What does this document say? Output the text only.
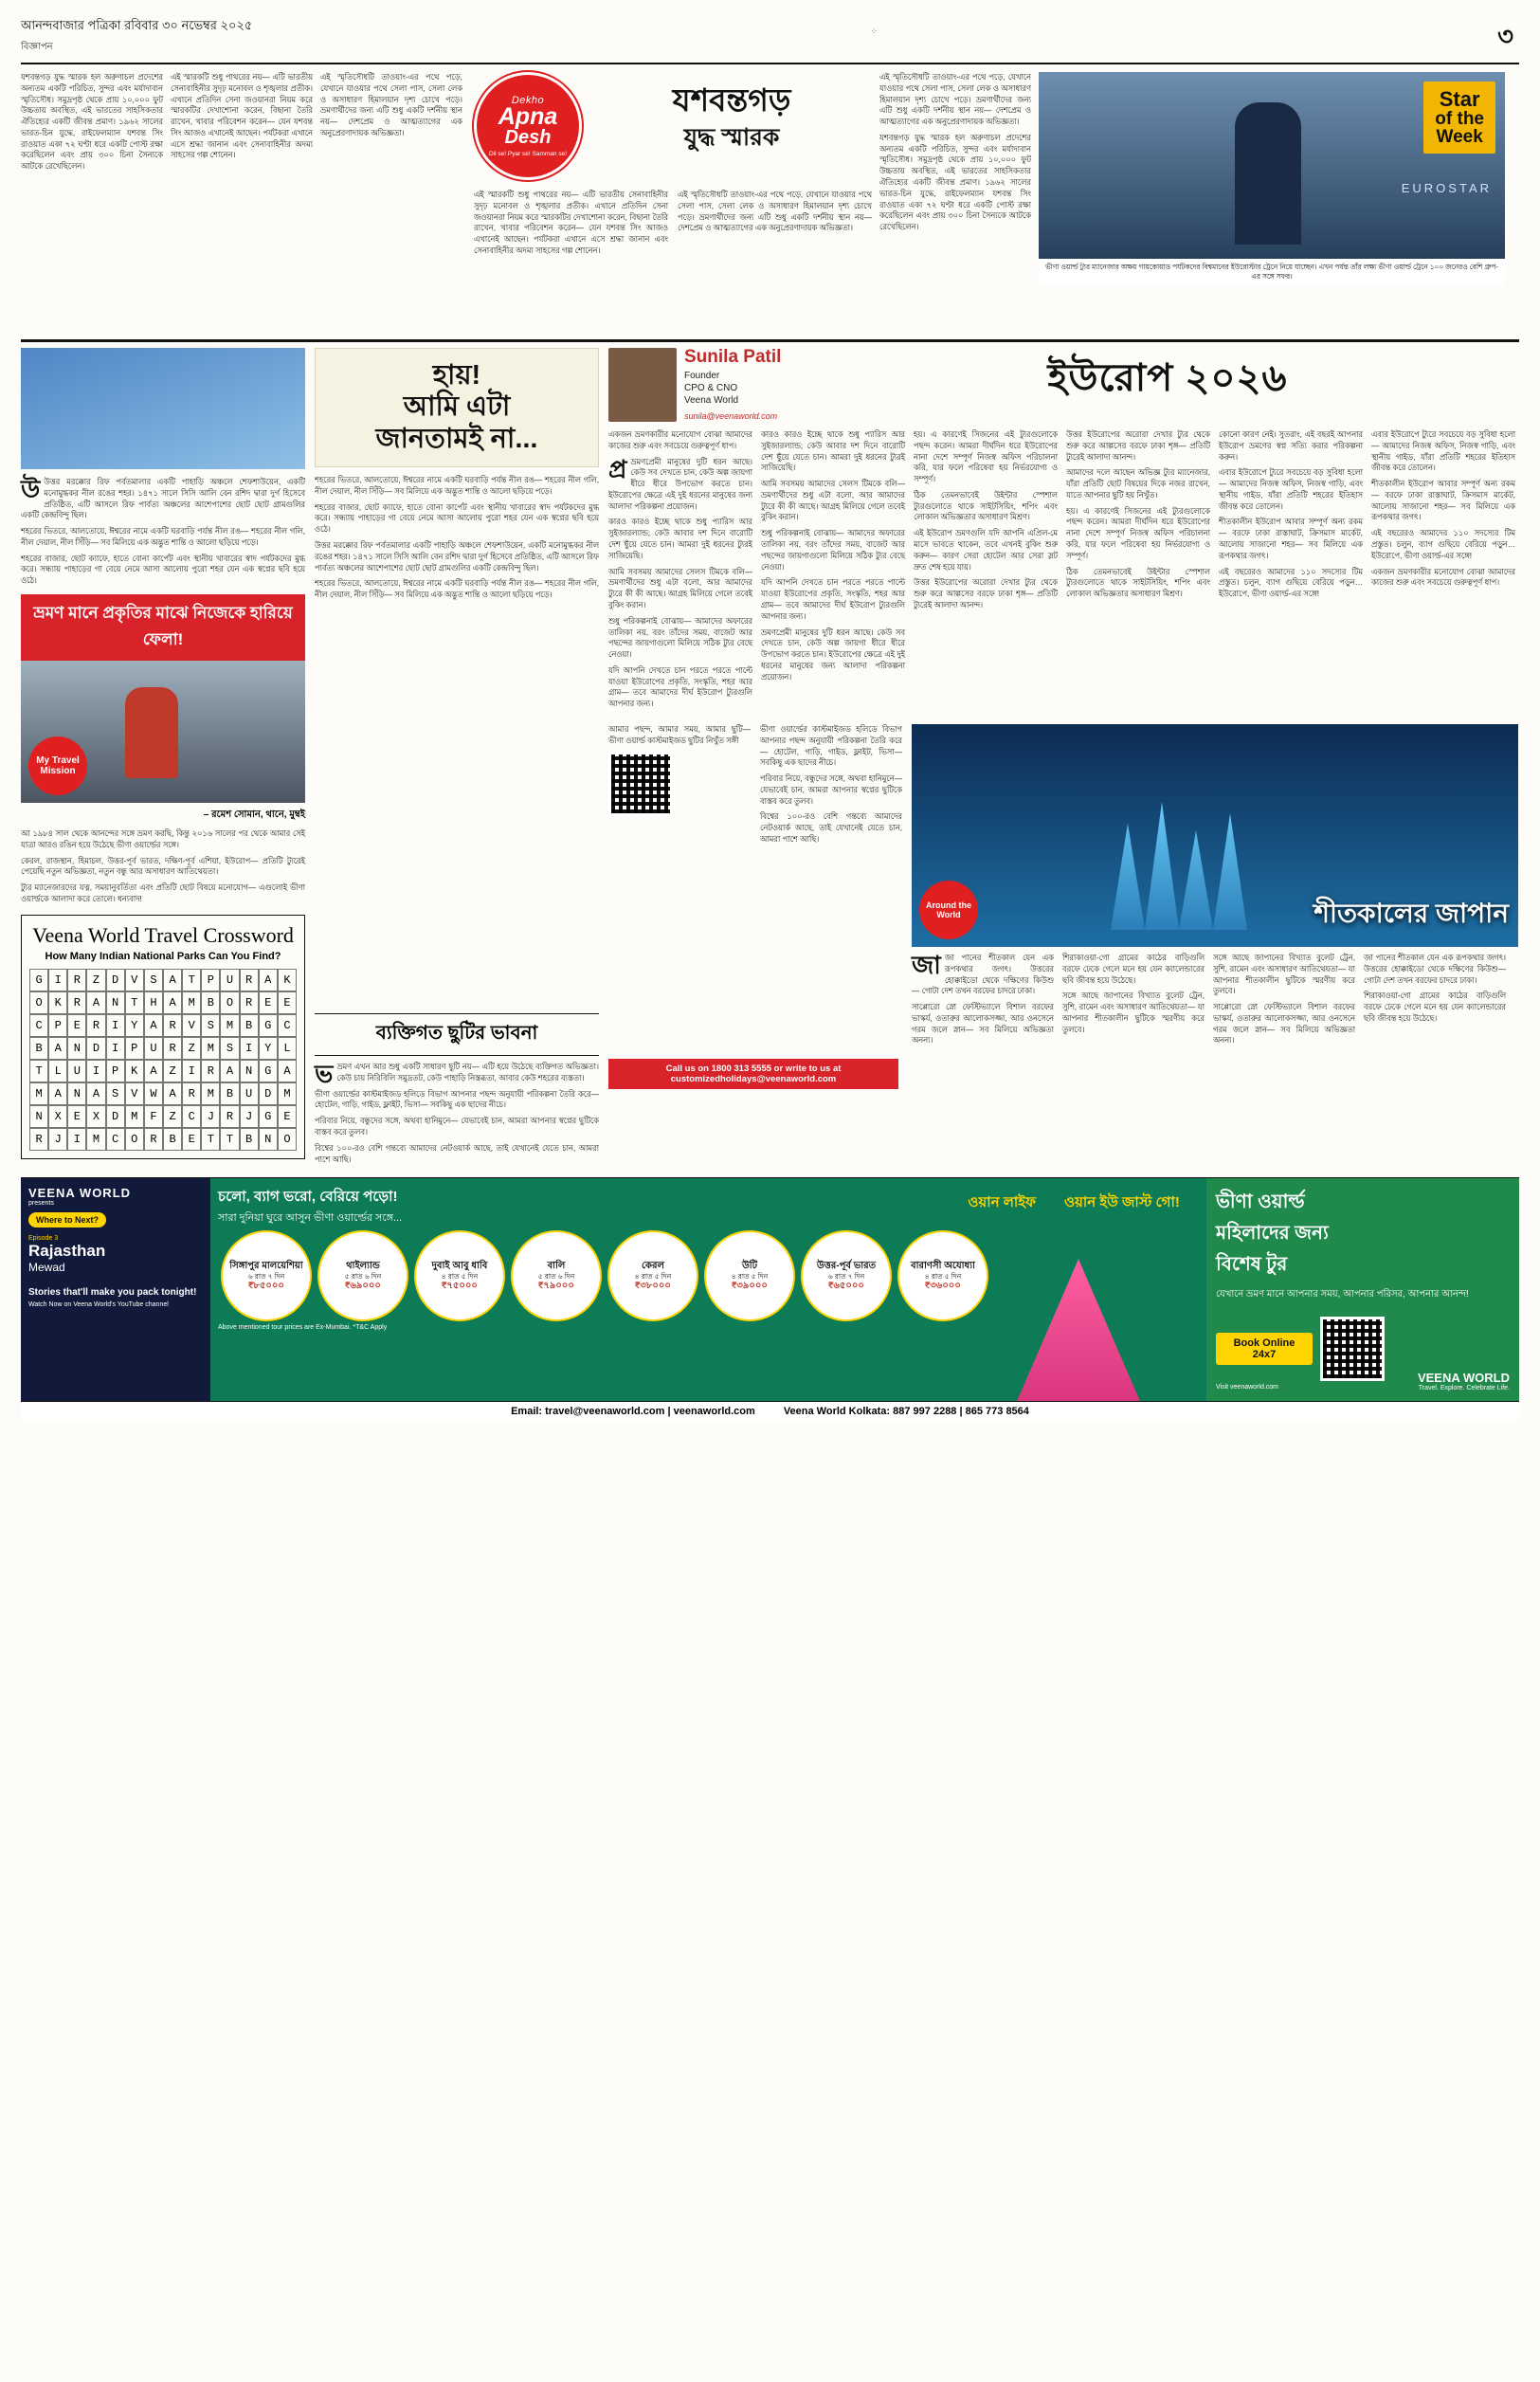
আনন্দবাজার পত্রিকা রবিবার ৩০ নভেম্বর ২০২৫
বিজ্ঞাপন
⁘	৩

যশবন্তগড় যুদ্ধ স্মারক হল অরুণাচল প্রদেশের অন্যতম একটি পরিচিত, সুন্দর এবং মর্যাদাবান স্মৃতিসৌধ। সমুদ্রপৃষ্ঠ থেকে প্রায় ১০,০০০ ফুট উচ্চতায় অবস্থিত, এই ভারতের সাহসিকতার ঐতিহ্যের একটি জীবন্ত প্রমাণ। ১৯৬২ সালের ভারত-চিন যুদ্ধে, রাইফেলম্যান যশবন্ত সিং রাওয়াত একা ৭২ ঘণ্টা ধরে একটি পোস্ট রক্ষা করেছিলেন এবং প্রায় ৩০০ চিনা সৈন্যকে আটকে রেখেছিলেন।

এই স্মারকটি শুধু পাথরের নয়— এটি ভারতীয় সেনাবাহিনীর সুদৃঢ় মনোবল ও শৃঙ্খলার প্রতীক। এখানে প্রতিদিন সেনা জওয়ানরা নিয়ম করে স্মারকটির দেখাশোনা করেন, বিছানা তৈরি রাখেন, খাবার পরিবেশন করেন— যেন যশবন্ত সিং আজও এখানেই আছেন। পর্যটকরা এখানে এসে শ্রদ্ধা জানান এবং সেনাবাহিনীর অদম্য সাহসের গল্প শোনেন।

এই স্মৃতিসৌধটি তাওয়াং-এর পথে পড়ে, যেখানে যাওয়ার পথে সেলা পাস, সেলা লেক ও অসাধারণ হিমালয়ান দৃশ্য চোখে পড়ে। ভ্রমণার্থীদের জন্য এটি শুধু একটি দর্শনীয় স্থান নয়— দেশপ্রেম ও আত্মত্যাগের এক অনুপ্রেরণাদায়ক অভিজ্ঞতা।

Dekho
Apna
Desh
Dil se! Pyar se! Samman se!
যশবন্তগড়
যুদ্ধ স্মারক

এই স্মারকটি শুধু পাথরের নয়— এটি ভারতীয় সেনাবাহিনীর সুদৃঢ় মনোবল ও শৃঙ্খলার প্রতীক। এখানে প্রতিদিন সেনা জওয়ানরা নিয়ম করে স্মারকটির দেখাশোনা করেন, বিছানা তৈরি রাখেন, খাবার পরিবেশন করেন— যেন যশবন্ত সিং আজও এখানেই আছেন। পর্যটকরা এখানে এসে শ্রদ্ধা জানান এবং সেনাবাহিনীর অদম্য সাহসের গল্প শোনেন।

এই স্মৃতিসৌধটি তাওয়াং-এর পথে পড়ে, যেখানে যাওয়ার পথে সেলা পাস, সেলা লেক ও অসাধারণ হিমালয়ান দৃশ্য চোখে পড়ে। ভ্রমণার্থীদের জন্য এটি শুধু একটি দর্শনীয় স্থান নয়— দেশপ্রেম ও আত্মত্যাগের এক অনুপ্রেরণাদায়ক অভিজ্ঞতা।

এই স্মৃতিসৌধটি তাওয়াং-এর পথে পড়ে, যেখানে যাওয়ার পথে সেলা পাস, সেলা লেক ও অসাধারণ হিমালয়ান দৃশ্য চোখে পড়ে। ভ্রমণার্থীদের জন্য এটি শুধু একটি দর্শনীয় স্থান নয়— দেশপ্রেম ও আত্মত্যাগের এক অনুপ্রেরণাদায়ক অভিজ্ঞতা।

যশবন্তগড় যুদ্ধ স্মারক হল অরুণাচল প্রদেশের অন্যতম একটি পরিচিত, সুন্দর এবং মর্যাদাবান স্মৃতিসৌধ। সমুদ্রপৃষ্ঠ থেকে প্রায় ১০,০০০ ফুট উচ্চতায় অবস্থিত, এই ভারতের সাহসিকতার ঐতিহ্যের একটি জীবন্ত প্রমাণ। ১৯৬২ সালের ভারত-চিন যুদ্ধে, রাইফেলম্যান যশবন্ত সিং রাওয়াত একা ৭২ ঘণ্টা ধরে একটি পোস্ট রক্ষা করেছিলেন এবং প্রায় ৩০০ চিনা সৈন্যকে আটকে রেখেছিলেন।

Star
of the
Week
EUROSTAR
ভীণা ওয়ার্ল্ড ট্যুর ম্যানেজার অক্ষয় গায়কোয়াড পর্যটকদের বিশ্বমানের ইউরোস্টার ট্রেনে নিয়ে যাচ্ছেন। এখন পর্যন্ত তাঁর লক্ষ্য ভীণা ওয়ার্ল্ড ট্রেনে ১০০ জনেরও বেশি গ্রুপ-এর সঙ্গে সফর।

উউত্তর মরক্কোর রিফ পর্বতমালার একটি পাহাড়ি অঞ্চলে শেফশাউয়েন, একটি মনোমুগ্ধকর নীল রঙের শহর। ১৪৭১ সালে সিসি আলি বেন রশিদ দ্বারা দুর্গ হিসেবে প্রতিষ্ঠিত, এটি আসলে রিফ পার্বত্য অঞ্চলের আশেপাশের ছোট ছোট গ্রামগুলির একটি কেন্দ্রবিন্দু ছিল।

শহরের ভিতরে, আলতোয়ে, ঈশ্বরের নামে একটি ঘরবাড়ি পর্যন্ত নীল রঙ— শহরের নীল গলি, নীল দেয়াল, নীল সিঁড়ি— সব মিলিয়ে এক অদ্ভুত শান্তি ও আলো ছড়িয়ে পড়ে।

শহরের বাজার, ছোট ক্যাফে, হাতে বোনা কার্পেট এবং স্থানীয় খাবারের স্বাদ পর্যটকদের মুগ্ধ করে। সন্ধ্যায় পাহাড়ের গা বেয়ে নেমে আসা আলোয় পুরো শহর যেন এক স্বপ্নের ছবি হয়ে ওঠে।

ভ্রমণ মানে প্রকৃতির মাঝে নিজেকে হারিয়ে ফেলা!
My Travel Mission
– রমেশ সোমান, থানে, মুম্বই

আ ১৯৮৪ সাল থেকে আনন্দের সঙ্গে ভ্রমণ করছি, কিন্তু ২০১৬ সালের পর থেকে আমার সেই যাত্রা আরও রঙিন হয়ে উঠেছে ভীণা ওয়ার্ল্ডের সঙ্গে।

কেরল, রাজস্থান, হিমাচল, উত্তর-পূর্ব ভারত, দক্ষিণ-পূর্ব এশিয়া, ইউরোপ— প্রতিটি ট্যুরেই পেয়েছি নতুন অভিজ্ঞতা, নতুন বন্ধু আর অসাধারণ আতিথেয়তা।

ট্যুর ম্যানেজারদের যত্ন, সময়ানুবর্তিতা এবং প্রতিটি ছোট বিষয়ে মনোযোগ— এগুলোই ভীণা ওয়ার্ল্ডকে আলাদা করে তোলে। ধন্যবাদ!

Veena World Travel Crossword
How Many Indian National Parks Can You Find?
G	I	R	Z	D	V	S	A	T	P	U	R	A	K
O	K	R	A	N	T	H	A	M	B	O	R	E	E
C	P	E	R	I	Y	A	R	V	S	M	B	G	C
B	A	N	D	I	P	U	R	Z	M	S	I	Y	L
T	L	U	I	P	K	A	Z	I	R	A	N	G	A
M	A	N	A	S	V	W	A	R	M	B	U	D	M
N	X	E	X	D	M	F	Z	C	J	R	J	G	E
R	J	I	M	C	O	R	B	E	T	T	B	N	O
হায়!
আমি এটা
জানতামই না...

শহরের ভিতরে, আলতোয়ে, ঈশ্বরের নামে একটি ঘরবাড়ি পর্যন্ত নীল রঙ— শহরের নীল গলি, নীল দেয়াল, নীল সিঁড়ি— সব মিলিয়ে এক অদ্ভুত শান্তি ও আলো ছড়িয়ে পড়ে।

শহরের বাজার, ছোট ক্যাফে, হাতে বোনা কার্পেট এবং স্থানীয় খাবারের স্বাদ পর্যটকদের মুগ্ধ করে। সন্ধ্যায় পাহাড়ের গা বেয়ে নেমে আসা আলোয় পুরো শহর যেন এক স্বপ্নের ছবি হয়ে ওঠে।

উত্তর মরক্কোর রিফ পর্বতমালার একটি পাহাড়ি অঞ্চলে শেফশাউয়েন, একটি মনোমুগ্ধকর নীল রঙের শহর। ১৪৭১ সালে সিসি আলি বেন রশিদ দ্বারা দুর্গ হিসেবে প্রতিষ্ঠিত, এটি আসলে রিফ পার্বত্য অঞ্চলের আশেপাশের ছোট ছোট গ্রামগুলির একটি কেন্দ্রবিন্দু ছিল।

শহরের ভিতরে, আলতোয়ে, ঈশ্বরের নামে একটি ঘরবাড়ি পর্যন্ত নীল রঙ— শহরের নীল গলি, নীল দেয়াল, নীল সিঁড়ি— সব মিলিয়ে এক অদ্ভুত শান্তি ও আলো ছড়িয়ে পড়ে।

ব্যক্তিগত ছুটির ভাবনা

ভভ্রমণ এখন আর শুধু একটি সাধারণ ছুটি নয়— এটি হয়ে উঠেছে ব্যক্তিগত অভিজ্ঞতা। কেউ চায় নিরিবিলি সমুদ্রতট, কেউ পাহাড়ি নিস্তব্ধতা, আবার কেউ শহরের ব্যস্ততা।

ভীণা ওয়ার্ল্ডের কাস্টমাইজড হলিডে বিভাগ আপনার পছন্দ অনুযায়ী পরিকল্পনা তৈরি করে— হোটেল, গাড়ি, গাইড, ফ্লাইট, ভিসা— সবকিছু এক ছাদের নীচে।

পরিবার নিয়ে, বন্ধুদের সঙ্গে, অথবা হানিমুনে— যেভাবেই চান, আমরা আপনার স্বপ্নের ছুটিকে বাস্তব করে তুলব।

বিশ্বের ১০০-রও বেশি গন্তব্যে আমাদের নেটওয়ার্ক আছে, তাই যেখানেই যেতে চান, আমরা পাশে আছি।

Sunila Patil
Founder
CPO & CNO
Veena World
sunila@veenaworld.com
ইউরোপ ২০২৬

একজন ভ্রমণকারীর মনোযোগ বোঝা আমাদের কাজের শুরু এবং সবচেয়ে গুরুত্বপূর্ণ ধাপ।

প্র ভ্রমণপ্রেমী মানুষের দুটি ধরন আছে। কেউ সব দেখতে চান, কেউ অল্প জায়গা ধীরে ধীরে উপভোগ করতে চান। ইউরোপের ক্ষেত্রে এই দুই ধরনের মানুষের জন্য আলাদা পরিকল্পনা প্রয়োজন।

কারও কারও ইচ্ছে থাকে শুধু প্যারিস আর সুইজারল্যান্ড; কেউ আবার দশ দিনে বারোটি দেশ ছুঁয়ে যেতে চান। আমরা দুই ধরনের ট্যুরই সাজিয়েছি।

আমি সবসময় আমাদের সেলস টিমকে বলি— ভ্রমণার্থীদের শুধু এটা বলো, আর আমাদের ট্যুরে কী কী আছে। আগ্রহ মিলিয়ে গেলে তবেই বুকিং করান।

শুধু পরিকল্পনাই বোঝায়— আমাদের অফারের তালিকা নয়, বরং তাঁদের সময়, বাজেট আর পছন্দের জায়গাগুলো মিলিয়ে সঠিক ট্যুর বেছে নেওয়া।

যদি আপনি দেখতে চান পরতে পরতে পাল্টে যাওয়া ইউরোপের প্রকৃতি, সংস্কৃতি, শহর আর গ্রাম— তবে আমাদের দীর্ঘ ইউরোপ ট্যুরগুলি আপনার জন্য।

কারও কারও ইচ্ছে থাকে শুধু প্যারিস আর সুইজারল্যান্ড; কেউ আবার দশ দিনে বারোটি দেশ ছুঁয়ে যেতে চান। আমরা দুই ধরনের ট্যুরই সাজিয়েছি।

আমি সবসময় আমাদের সেলস টিমকে বলি— ভ্রমণার্থীদের শুধু এটা বলো, আর আমাদের ট্যুরে কী কী আছে। আগ্রহ মিলিয়ে গেলে তবেই বুকিং করান।

শুধু পরিকল্পনাই বোঝায়— আমাদের অফারের তালিকা নয়, বরং তাঁদের সময়, বাজেট আর পছন্দের জায়গাগুলো মিলিয়ে সঠিক ট্যুর বেছে নেওয়া।

যদি আপনি দেখতে চান পরতে পরতে পাল্টে যাওয়া ইউরোপের প্রকৃতি, সংস্কৃতি, শহর আর গ্রাম— তবে আমাদের দীর্ঘ ইউরোপ ট্যুরগুলি আপনার জন্য।

ভ্রমণপ্রেমী মানুষের দুটি ধরন আছে। কেউ সব দেখতে চান, কেউ অল্প জায়গা ধীরে ধীরে উপভোগ করতে চান। ইউরোপের ক্ষেত্রে এই দুই ধরনের মানুষের জন্য আলাদা পরিকল্পনা প্রয়োজন।

হয়। এ কারণেই সিজনের এই ট্যুরগুলোকে পছন্দ করেন। আমরা দীর্ঘদিন ধরে ইউরোপের নানা দেশে সম্পূর্ণ নিজস্ব অফিস পরিচালনা করি, যার ফলে পরিষেবা হয় নির্ভরযোগ্য ও সম্পূর্ণ।

ঠিক তেমনভাবেই উইন্টার স্পেশাল ট্যুরগুলোতে থাকে সাইটসিয়িং, শপিং এবং লোকাল অভিজ্ঞতার অসাধারণ মিশ্রণ।

এই ইউরোপ ভ্রমণগুলি যদি আপনি এপ্রিল-মে মাসে ভাবতে থাকেন, তবে এখনই বুকিং শুরু করুন— কারণ সেরা হোটেল আর সেরা স্লট দ্রুত শেষ হয়ে যায়।

উত্তর ইউরোপের অরোরা দেখার ট্যুর থেকে শুরু করে আল্পসের বরফে ঢাকা শৃঙ্গ— প্রতিটি ট্যুরেই আলাদা আনন্দ।

উত্তর ইউরোপের অরোরা দেখার ট্যুর থেকে শুরু করে আল্পসের বরফে ঢাকা শৃঙ্গ— প্রতিটি ট্যুরেই আলাদা আনন্দ।

আমাদের দলে আছেন অভিজ্ঞ ট্যুর ম্যানেজার, যাঁরা প্রতিটি ছোট বিষয়ের দিকে নজর রাখেন, যাতে আপনার ছুটি হয় নিখুঁত।

হয়। এ কারণেই সিজনের এই ট্যুরগুলোকে পছন্দ করেন। আমরা দীর্ঘদিন ধরে ইউরোপের নানা দেশে সম্পূর্ণ নিজস্ব অফিস পরিচালনা করি, যার ফলে পরিষেবা হয় নির্ভরযোগ্য ও সম্পূর্ণ।

ঠিক তেমনভাবেই উইন্টার স্পেশাল ট্যুরগুলোতে থাকে সাইটসিয়িং, শপিং এবং লোকাল অভিজ্ঞতার অসাধারণ মিশ্রণ।

কোনো কারণ নেই। সুতরাং, এই বছরই আপনার ইউরোপ ভ্রমণের স্বপ্ন সত্যি করার পরিকল্পনা করুন।

এবার ইউরোপে ট্যুরে সবচেয়ে বড় সুবিধা হলো— আমাদের নিজস্ব অফিস, নিজস্ব গাড়ি, এবং স্থানীয় গাইড, যাঁরা প্রতিটি শহরের ইতিহাস জীবন্ত করে তোলেন।

শীতকালীন ইউরোপ আবার সম্পূর্ণ অন্য রকম— বরফে ঢাকা রাস্তাঘাট, ক্রিসমাস মার্কেট, আলোয় সাজানো শহর— সব মিলিয়ে এক রূপকথার জগৎ।

এই বছরেরও আমাদের ১১০ সদস্যের টিম প্রস্তুত। চলুন, ব্যাগ গুছিয়ে বেরিয়ে পড়ুন… ইউরোপে, ভীণা ওয়ার্ল্ড-এর সঙ্গে!

এবার ইউরোপে ট্যুরে সবচেয়ে বড় সুবিধা হলো— আমাদের নিজস্ব অফিস, নিজস্ব গাড়ি, এবং স্থানীয় গাইড, যাঁরা প্রতিটি শহরের ইতিহাস জীবন্ত করে তোলেন।

শীতকালীন ইউরোপ আবার সম্পূর্ণ অন্য রকম— বরফে ঢাকা রাস্তাঘাট, ক্রিসমাস মার্কেট, আলোয় সাজানো শহর— সব মিলিয়ে এক রূপকথার জগৎ।

এই বছরেরও আমাদের ১১০ সদস্যের টিম প্রস্তুত। চলুন, ব্যাগ গুছিয়ে বেরিয়ে পড়ুন… ইউরোপে, ভীণা ওয়ার্ল্ড-এর সঙ্গে!

একজন ভ্রমণকারীর মনোযোগ বোঝা আমাদের কাজের শুরু এবং সবচেয়ে গুরুত্বপূর্ণ ধাপ।

আমার পছন্দ, আমার সময়, আমার ছুটি— ভীণা ওয়ার্ল্ড কাস্টমাইজড ছুটির নিখুঁত সঙ্গী

ভীণা ওয়ার্ল্ডের কাস্টমাইজড হলিডে বিভাগ আপনার পছন্দ অনুযায়ী পরিকল্পনা তৈরি করে— হোটেল, গাড়ি, গাইড, ফ্লাইট, ভিসা— সবকিছু এক ছাদের নীচে।

পরিবার নিয়ে, বন্ধুদের সঙ্গে, অথবা হানিমুনে— যেভাবেই চান, আমরা আপনার স্বপ্নের ছুটিকে বাস্তব করে তুলব।

বিশ্বের ১০০-রও বেশি গন্তব্যে আমাদের নেটওয়ার্ক আছে, তাই যেখানেই যেতে চান, আমরা পাশে আছি।

Around the World	শীতকালের জাপান

জাজা পানের শীতকাল যেন এক রূপকথার জগৎ। উত্তরের হোক্কাইডো থেকে দক্ষিণের কিউশু— গোটা দেশ তখন বরফের চাদরে ঢাকা।

সাপ্পোরো স্নো ফেস্টিভ্যালে বিশাল বরফের ভাস্কর্য, ওতারুর আলোকসজ্জা, আর ওনসেনে গরম জলে স্নান— সব মিলিয়ে অভিজ্ঞতা অনন্য।

শিরাকাওয়া-গো গ্রামের কাঠের বাড়িগুলি বরফে ঢেকে গেলে মনে হয় যেন ক্যালেন্ডারের ছবি জীবন্ত হয়ে উঠেছে।

সঙ্গে আছে জাপানের বিখ্যাত বুলেট ট্রেন, সুশি, রামেন এবং অসাধারণ আতিথেয়তা— যা আপনার শীতকালীন ছুটিকে স্মরণীয় করে তুলবে।

সঙ্গে আছে জাপানের বিখ্যাত বুলেট ট্রেন, সুশি, রামেন এবং অসাধারণ আতিথেয়তা— যা আপনার শীতকালীন ছুটিকে স্মরণীয় করে তুলবে।

সাপ্পোরো স্নো ফেস্টিভ্যালে বিশাল বরফের ভাস্কর্য, ওতারুর আলোকসজ্জা, আর ওনসেনে গরম জলে স্নান— সব মিলিয়ে অভিজ্ঞতা অনন্য।

জা পানের শীতকাল যেন এক রূপকথার জগৎ। উত্তরের হোক্কাইডো থেকে দক্ষিণের কিউশু— গোটা দেশ তখন বরফের চাদরে ঢাকা।

শিরাকাওয়া-গো গ্রামের কাঠের বাড়িগুলি বরফে ঢেকে গেলে মনে হয় যেন ক্যালেন্ডারের ছবি জীবন্ত হয়ে উঠেছে।

Call us on 1800 313 5555 or write to us at customizedholidays@veenaworld.com
VEENA WORLD
presents
Where to Next?
Episode 3
Rajasthan
Mewad
Stories that'll make you pack tonight!
Watch Now on Veena World's YouTube channel
চলো, ব্যাগ ভরো, বেরিয়ে পড়ো!
সারা দুনিয়া ঘুরে আসুন ভীণা ওয়ার্ল্ডের সঙ্গে...
সিঙ্গাপুর মালয়েশিয়া
৬ রাত ৭ দিন
₹৮৫০০০
থাইল্যান্ড
৫ রাত ৬ দিন
₹৬৯০০০
দুবাই আবু ধাবি
৪ রাত ৫ দিন
₹৭৫০০০
বালি
৫ রাত ৬ দিন
₹৭৯০০০
কেরল
৪ রাত ৫ দিন
₹৩৮০০০
উটি
৪ রাত ৫ দিন
₹৩৯০০০
উত্তর-পূর্ব ভারত
৬ রাত ৭ দিন
₹৬৫০০০
বারাণসী অযোধ্যা
৪ রাত ৫ দিন
₹৩৬০০০
Above mentioned tour prices are Ex-Mumbai. *T&C Apply
ওয়ান লাইফ ওয়ান ইউ জাস্ট গো!	ভীণা ওয়ার্ল্ড
মহিলাদের জন্য
বিশেষ টুর
যেখানে ভ্রমণ মানে আপনার সময়, আপনার পরিসর, আপনার আনন্দ!
Book Online 24x7
Visit veenaworld.com
VEENA WORLD
Travel. Explore. Celebrate Life.
Email: travel@veenaworld.com | veenaworld.com	Veena World Kolkata: 887 997 2288 | 865 773 8564
